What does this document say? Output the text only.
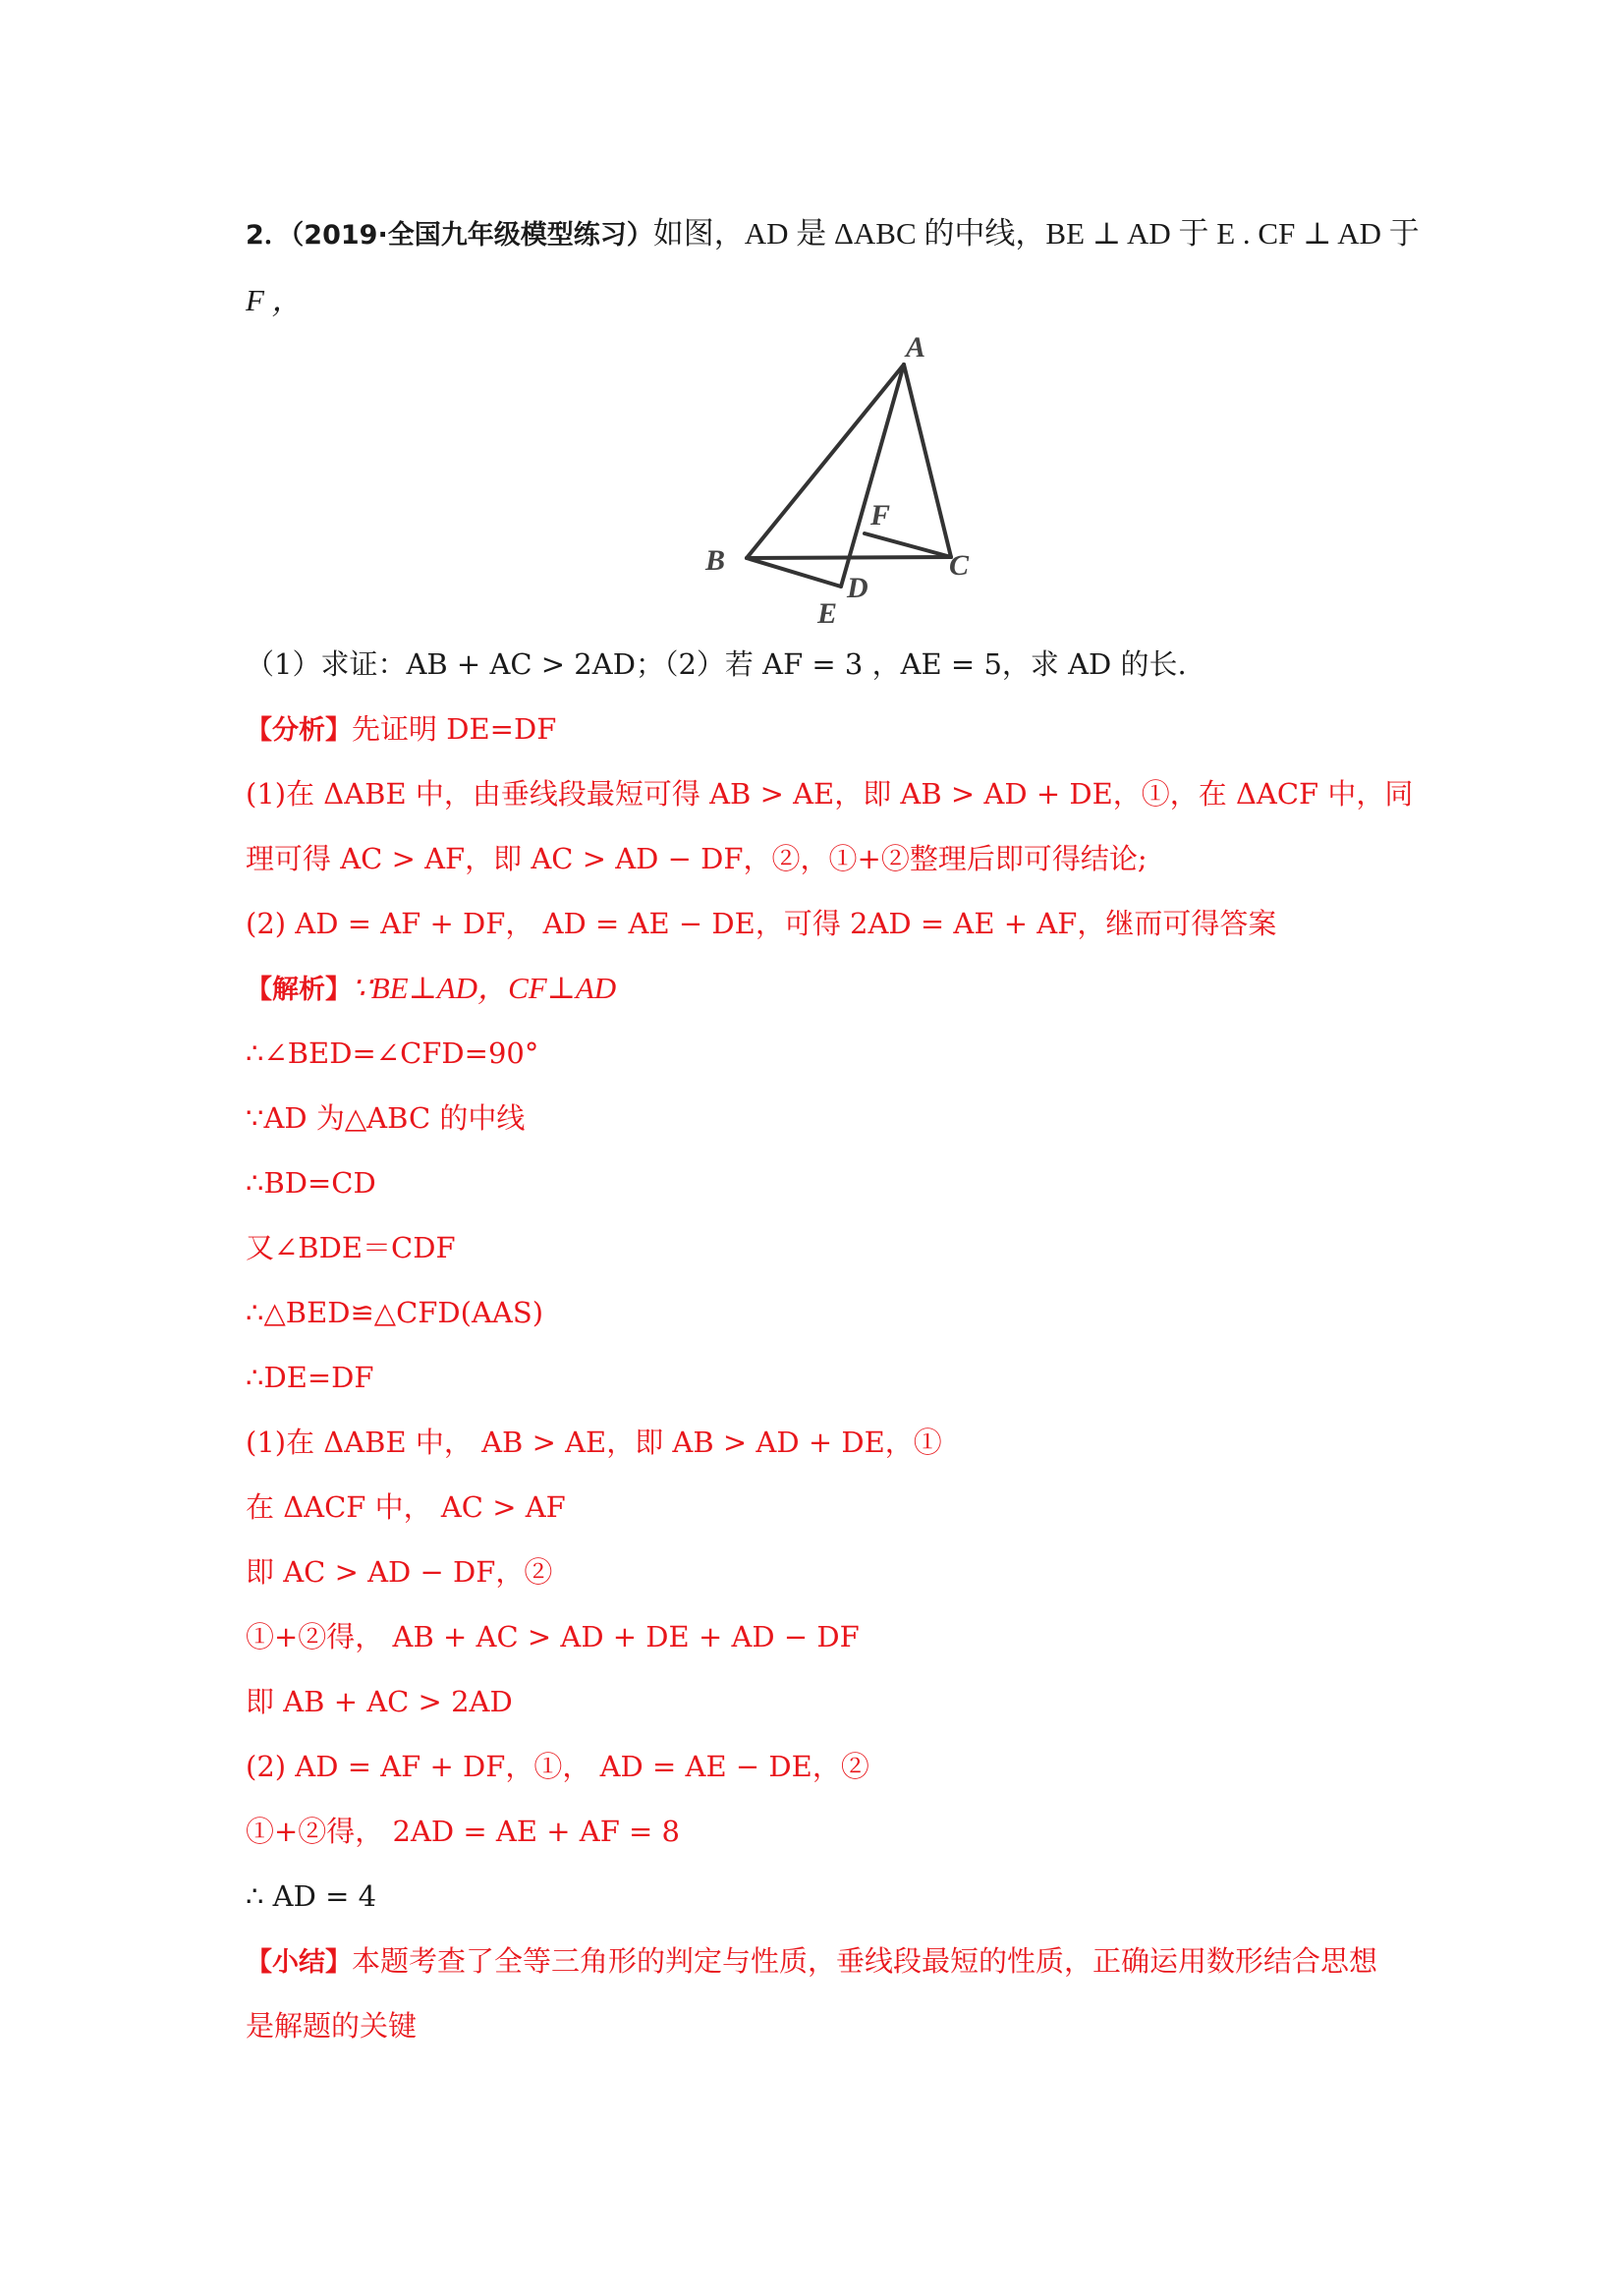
2．（2019·全国九年级模型练习）如图，AD 是 ΔABC 的中线，BE ⊥ AD 于 E . CF ⊥ AD 于
F ，
A
B	C
D
E
F
（1）求证：AB + AC > 2AD；（2）若 AF = 3 ，AE = 5，求 AD 的长.
【分析】先证明 DE=DF
(1)在 ΔABE 中，由垂线段最短可得 AB > AE，即 AB > AD + DE，①，在 ΔACF 中，同
理可得 AC > AF，即 AC > AD − DF，②，①+②整理后即可得结论;
(2) AD = AF + DF， AD = AE − DE，可得 2AD = AE + AF，继而可得答案
【解析】∵BE⊥AD，CF⊥AD
∴∠BED=∠CFD=90°
∵AD 为△ABC 的中线
∴BD=CD
又∠BDE＝CDF
∴△BED≌△CFD(AAS)
∴DE=DF
(1)在 ΔABE 中， AB > AE，即 AB > AD + DE，①
在 ΔACF 中， AC > AF
即 AC > AD − DF，②
①+②得， AB + AC > AD + DE + AD − DF
即 AB + AC > 2AD
(2) AD = AF + DF，①， AD = AE − DE，②
①+②得， 2AD = AE + AF = 8
∴ AD = 4
【小结】本题考查了全等三角形的判定与性质，垂线段最短的性质，正确运用数形结合思想
是解题的关键
